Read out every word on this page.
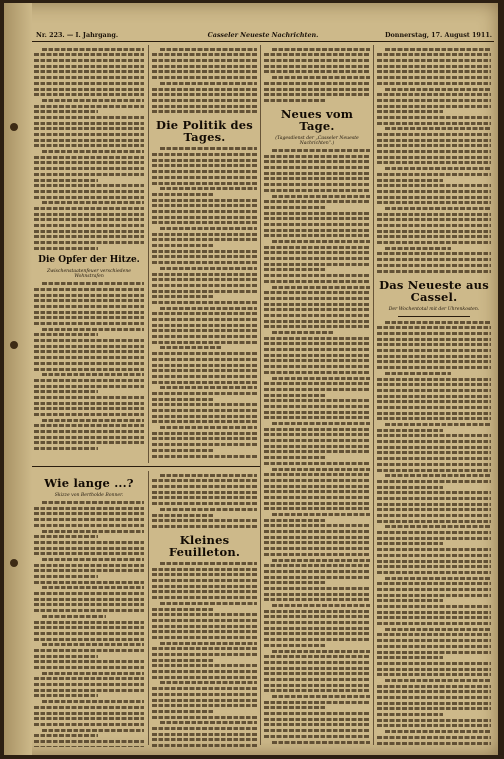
Nr. 223. — I. Jahrgang.	Casseler Neueste Nachrichten.	Donnerstag, 17. August 1911.
Die Opfer der Hitze.
Zwischenstaatenfeuer verschiedene Wohnstrafen
Die Politik des Tages.
Neues vom Tage.
(Tagesdienst der „Casseler Neueste Nachrichten“.)
Das Neueste aus Cassel.
Der Wochentotal mit der Uhrenkosten.
Wie lange ...?
Skizze von Bertholde Bonner.
Kleines Feuilleton.
